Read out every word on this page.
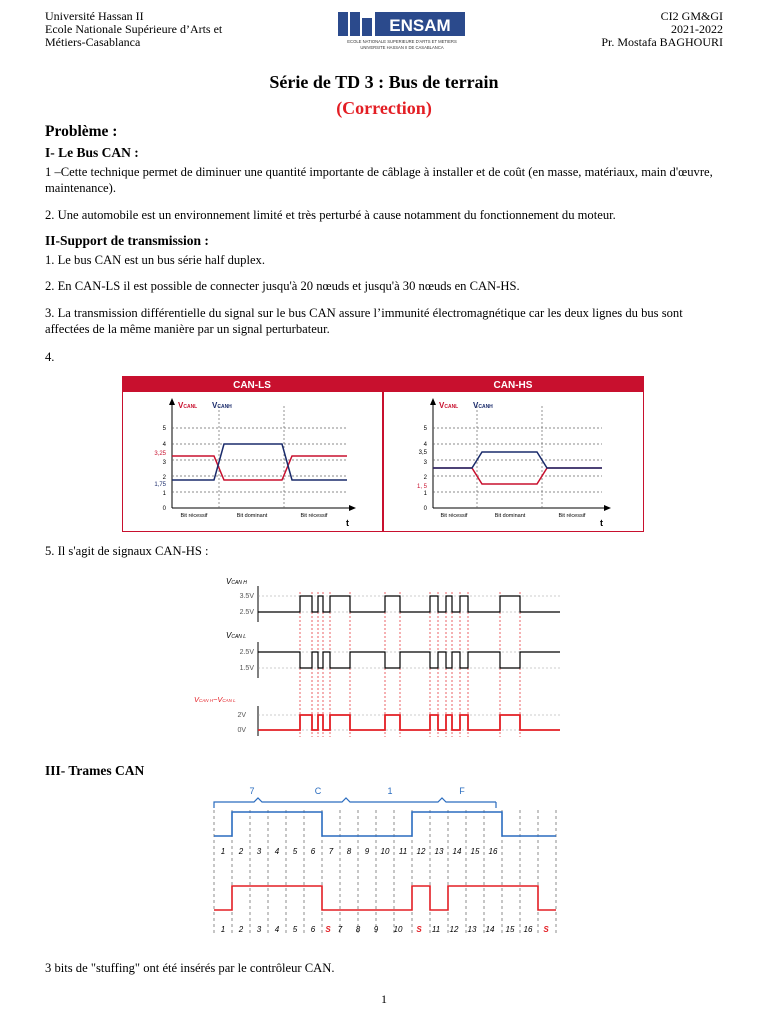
Université Hassan II
Ecole Nationale Supérieure d’Arts et
Métiers-Casablanca
ENSAM
ECOLE NATIONALE SUPERIEURE D'ARTS ET METIERS
UNIVERSITE HASSAN II DE CASABLANCA
CI2 GM&GI
2021-2022
Pr. Mostafa BAGHOURI
Série de TD 3 : Bus de terrain
(Correction)
Problème :
I- Le Bus CAN :
1 –Cette technique permet de diminuer une quantité importante de câblage à installer et de coût (en masse, matériaux, main d'œuvre, maintenance).
2. Une automobile est un environnement limité et très perturbé à cause notamment du fonctionnement du moteur.
II-Support de transmission :
1. Le bus CAN est un bus série half duplex.
2. En CAN-LS il est possible de connecter jusqu'à 20 nœuds et jusqu'à 30 nœuds en CAN-HS.
3. La transmission différentielle du signal sur le bus CAN assure l’immunité électromagnétique car les deux lignes du bus sont affectées de la même manière par un signal perturbateur.
4.
CAN-LS	CAN-HS
5
4
3,25
3
2
1,75
1
0
VCANL VCANH
Bit récessif	Bit dominant	Bit récessif
t
5
4
3,5
3
2
1, 5
1
0
VCANL VCANH
Bit récessif	Bit dominant	Bit récessif
t
5. Il s'agit de signaux CAN-HS :
VCAN H
3.5V
2.5V
VCAN L
2.5V
1.5V
VCAN H−VCAN L
2V
0V
III- Trames CAN
7	C	1	F
1 2 3 4 5 6 7 8 9 10 11 12 13 14 15 16
1 2 3 4 5 6 S 7 8 9 10 S 11 12 13 14 15 16 S
3 bits de "stuffing" ont été insérés par le contrôleur CAN.
1
